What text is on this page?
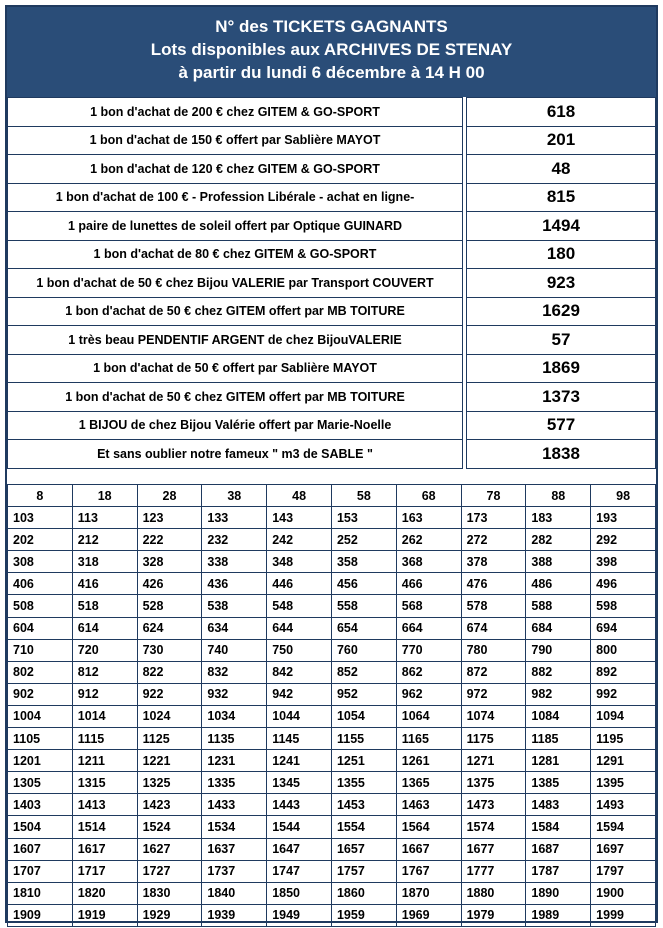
N° des TICKETS GAGNANTS
Lots disponibles aux ARCHIVES DE STENAY
à partir du lundi 6 décembre à 14 H 00
1 bon d'achat de 200 € chez GITEM & GO-SPORT		618
1 bon d'achat de 150 € offert par Sablière MAYOT		201
1 bon d'achat de 120 € chez GITEM & GO-SPORT		48
1 bon d'achat de 100 € - Profession Libérale - achat en ligne-		815
1 paire de lunettes de soleil offert par Optique GUINARD		1494
1 bon d'achat de 80 € chez GITEM & GO-SPORT		180
1 bon d'achat de 50 € chez Bijou VALERIE par Transport COUVERT		923
1 bon d'achat de 50 € chez GITEM offert par MB TOITURE		1629
1 très beau PENDENTIF ARGENT de chez BijouVALERIE		57
1 bon d'achat de 50 € offert par Sablière MAYOT		1869
1 bon d'achat de 50 € chez GITEM offert par MB TOITURE		1373
1 BIJOU de chez Bijou Valérie offert par Marie-Noelle		577
Et sans oublier notre fameux " m3 de SABLE "		1838
8	18	28	38	48	58	68	78	88	98
103	113	123	133	143	153	163	173	183	193
202	212	222	232	242	252	262	272	282	292
308	318	328	338	348	358	368	378	388	398
406	416	426	436	446	456	466	476	486	496
508	518	528	538	548	558	568	578	588	598
604	614	624	634	644	654	664	674	684	694
710	720	730	740	750	760	770	780	790	800
802	812	822	832	842	852	862	872	882	892
902	912	922	932	942	952	962	972	982	992
1004	1014	1024	1034	1044	1054	1064	1074	1084	1094
1105	1115	1125	1135	1145	1155	1165	1175	1185	1195
1201	1211	1221	1231	1241	1251	1261	1271	1281	1291
1305	1315	1325	1335	1345	1355	1365	1375	1385	1395
1403	1413	1423	1433	1443	1453	1463	1473	1483	1493
1504	1514	1524	1534	1544	1554	1564	1574	1584	1594
1607	1617	1627	1637	1647	1657	1667	1677	1687	1697
1707	1717	1727	1737	1747	1757	1767	1777	1787	1797
1810	1820	1830	1840	1850	1860	1870	1880	1890	1900
1909	1919	1929	1939	1949	1959	1969	1979	1989	1999
